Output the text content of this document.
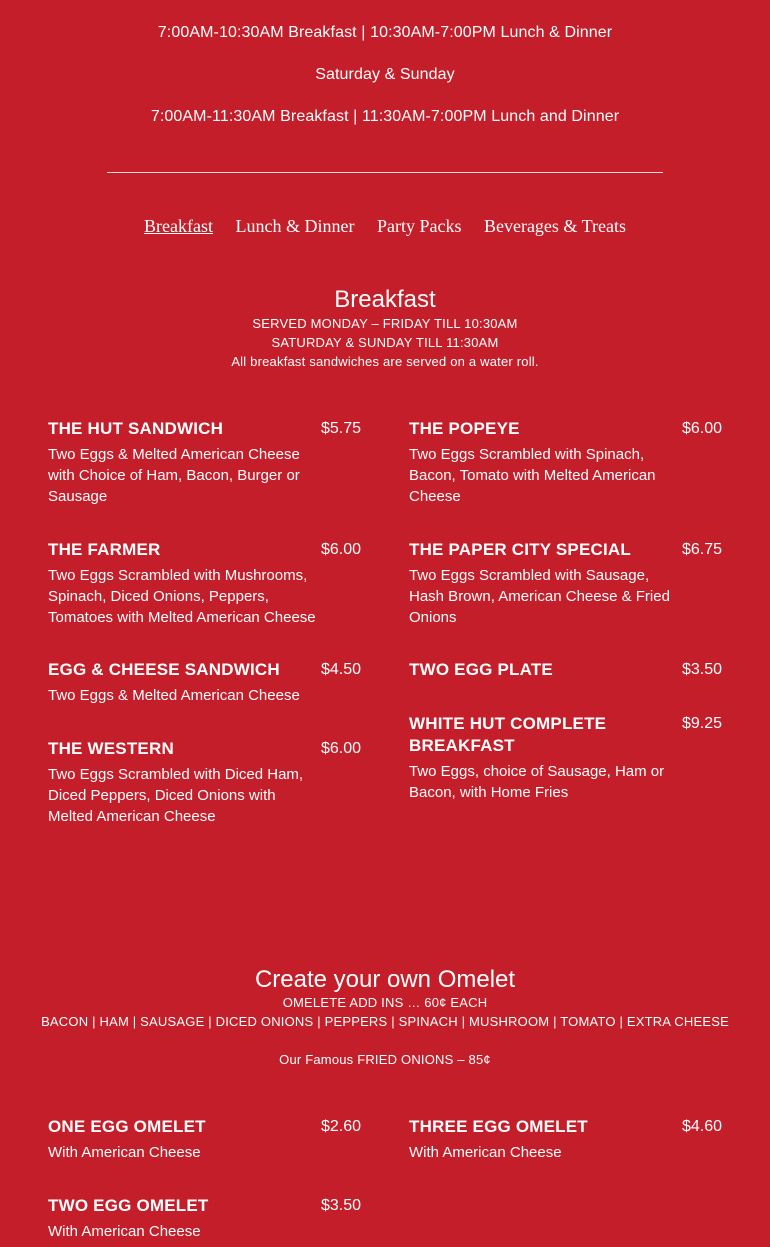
7:00AM-10:30AM Breakfast | 10:30AM-7:00PM Lunch & Dinner
Saturday & Sunday
7:00AM-11:30AM Breakfast | 11:30AM-7:00PM Lunch and Dinner
Breakfast Lunch & Dinner Party Packs Beverages & Treats
Breakfast
SERVED MONDAY – FRIDAY TILL 10:30AM
SATURDAY & SUNDAY TILL 11:30AM
All breakfast sandwiches are served on a water roll.
THE HUT SANDWICH	$5.75
Two Eggs & Melted American Cheese with Choice of Ham, Bacon, Burger or Sausage
THE POPEYE	$6.00
Two Eggs Scrambled with Spinach, Bacon, Tomato with Melted American Cheese
THE FARMER	$6.00
Two Eggs Scrambled with Mushrooms, Spinach, Diced Onions, Peppers, Tomatoes with Melted American Cheese
THE PAPER CITY SPECIAL	$6.75
Two Eggs Scrambled with Sausage, Hash Brown, American Cheese & Fried Onions
EGG & CHEESE SANDWICH	$4.50
Two Eggs & Melted American Cheese
TWO EGG PLATE	$3.50
THE WESTERN	$6.00
Two Eggs Scrambled with Diced Ham, Diced Peppers, Diced Onions with Melted American Cheese
WHITE HUT COMPLETE BREAKFAST
$9.25
Two Eggs, choice of Sausage, Ham or Bacon, with Home Fries
Create your own Omelet
OMELETE ADD INS … 60¢ EACH
BACON | HAM | SAUSAGE | DICED ONIONS | PEPPERS | SPINACH | MUSHROOM | TOMATO | EXTRA CHEESE
Our Famous FRIED ONIONS – 85¢
ONE EGG OMELET	$2.60
With American Cheese
THREE EGG OMELET	$4.60
With American Cheese
TWO EGG OMELET	$3.50
With American Cheese
